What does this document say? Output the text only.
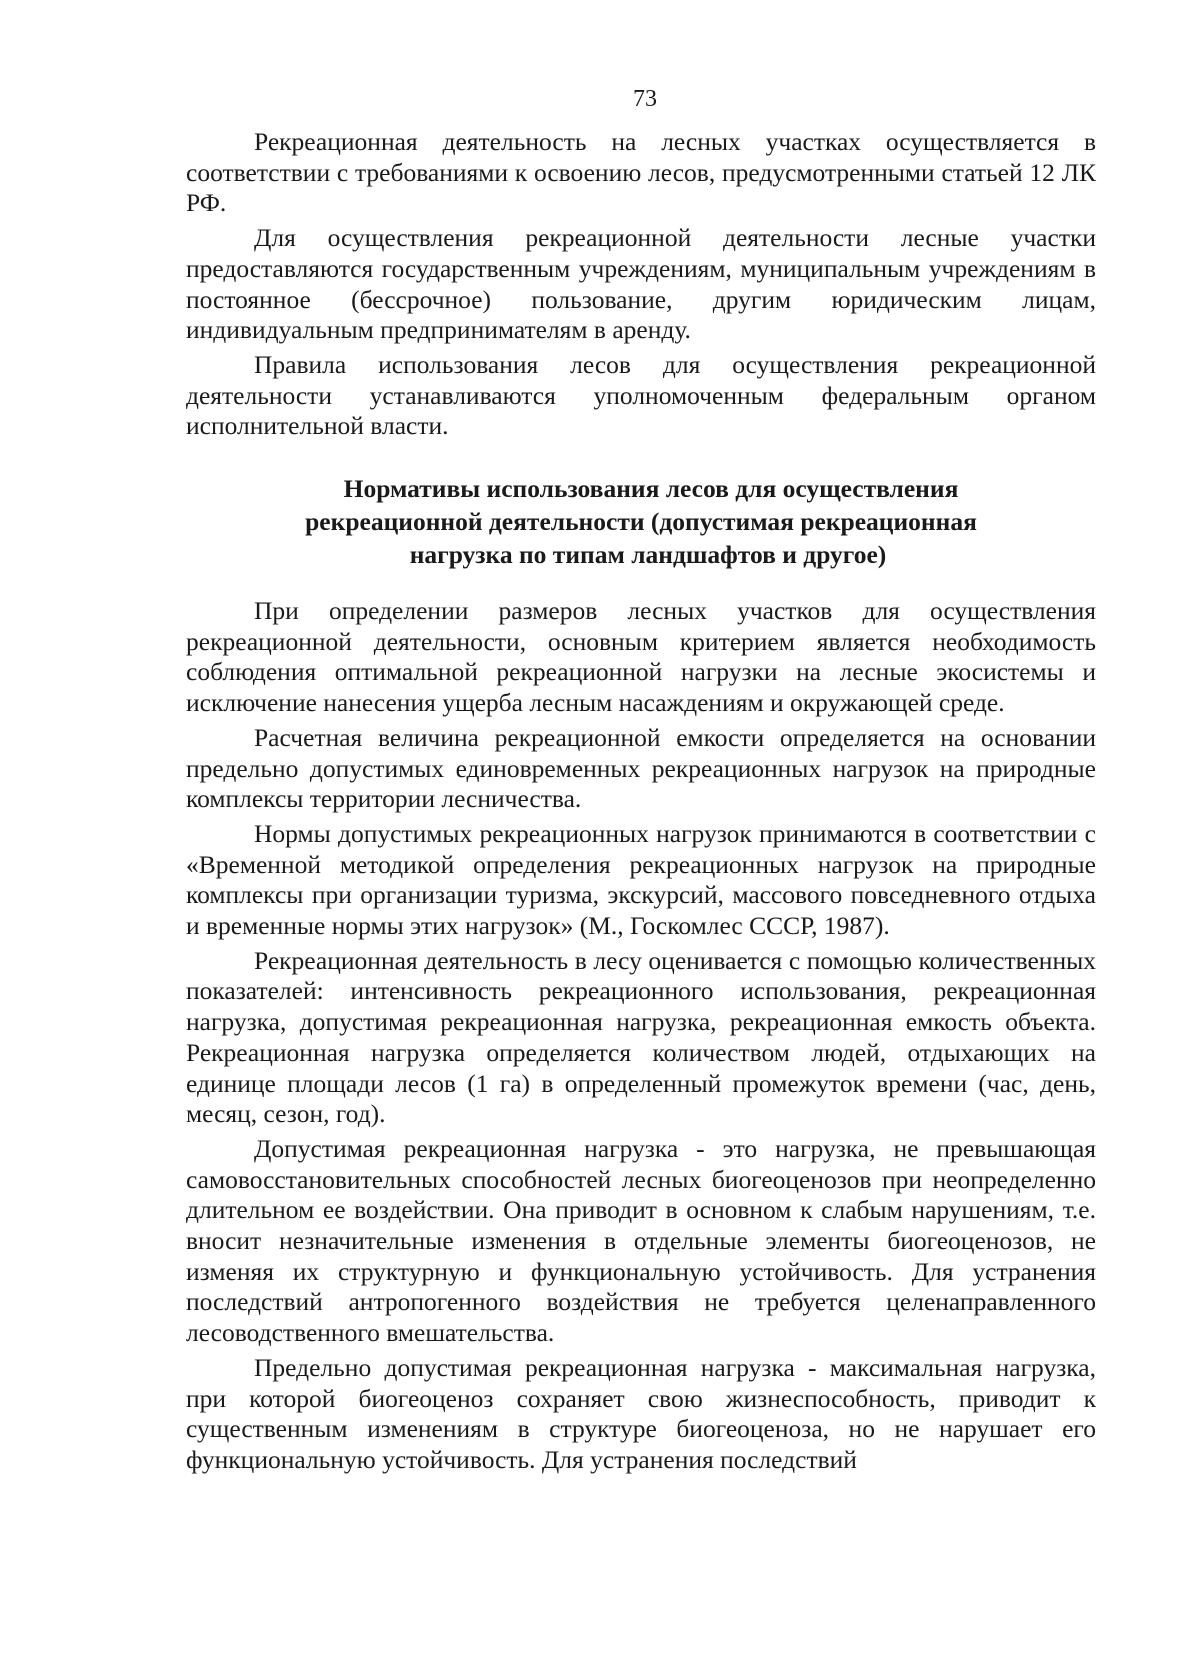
73

Рекреационная деятельность на лесных участках осуществляется в соответствии с требованиями к освоению лесов, предусмотренными статьей 12 ЛК РФ.

Для осуществления рекреационной деятельности лесные участки предоставляются государственным учреждениям, муниципальным учреждениям в постоянное (бессрочное) пользование, другим юридическим лицам, индивидуальным предпринимателям в аренду.

Правила использования лесов для осуществления рекреационной деятельности устанавливаются уполномоченным федеральным органом исполнительной власти.

Нормативы использования лесов для осуществления
рекреационной деятельности (допустимая рекреационная
нагрузка по типам ландшафтов и другое)

При определении размеров лесных участков для осуществления рекреационной деятельности, основным критерием является необходимость соблюдения оптимальной рекреационной нагрузки на лесные экосистемы и исключение нанесения ущерба лесным насаждениям и окружающей среде.

Расчетная величина рекреационной емкости определяется на основании предельно допустимых единовременных рекреационных нагрузок на природные комплексы территории лесничества.

Нормы допустимых рекреационных нагрузок принимаются в соответствии с «Временной методикой определения рекреационных нагрузок на природные комплексы при организации туризма, экскурсий, массового повседневного отдыха и временные нормы этих нагрузок» (М., Госкомлес СССР, 1987).

Рекреационная деятельность в лесу оценивается с помощью количественных показателей: интенсивность рекреационного использования, рекреационная нагрузка, допустимая рекреационная нагрузка, рекреационная емкость объекта. Рекреационная нагрузка определяется количеством людей, отдыхающих на единице площади лесов (1 га) в определенный промежуток времени (час, день, месяц, сезон, год).

Допустимая рекреационная нагрузка - это нагрузка, не превышающая самовосстановительных способностей лесных биогеоценозов при неопределенно длительном ее воздействии. Она приводит в основном к слабым нарушениям, т.е. вносит незначительные изменения в отдельные элементы биогеоценозов, не изменяя их структурную и функциональную устойчивость. Для устранения последствий антропогенного воздействия не требуется целенаправленного лесоводственного вмешательства.

Предельно допустимая рекреационная нагрузка - максимальная нагрузка, при которой биогеоценоз сохраняет свою жизнеспособность, приводит к существенным изменениям в структуре биогеоценоза, но не нарушает его функциональную устойчивость. Для устранения последствий
